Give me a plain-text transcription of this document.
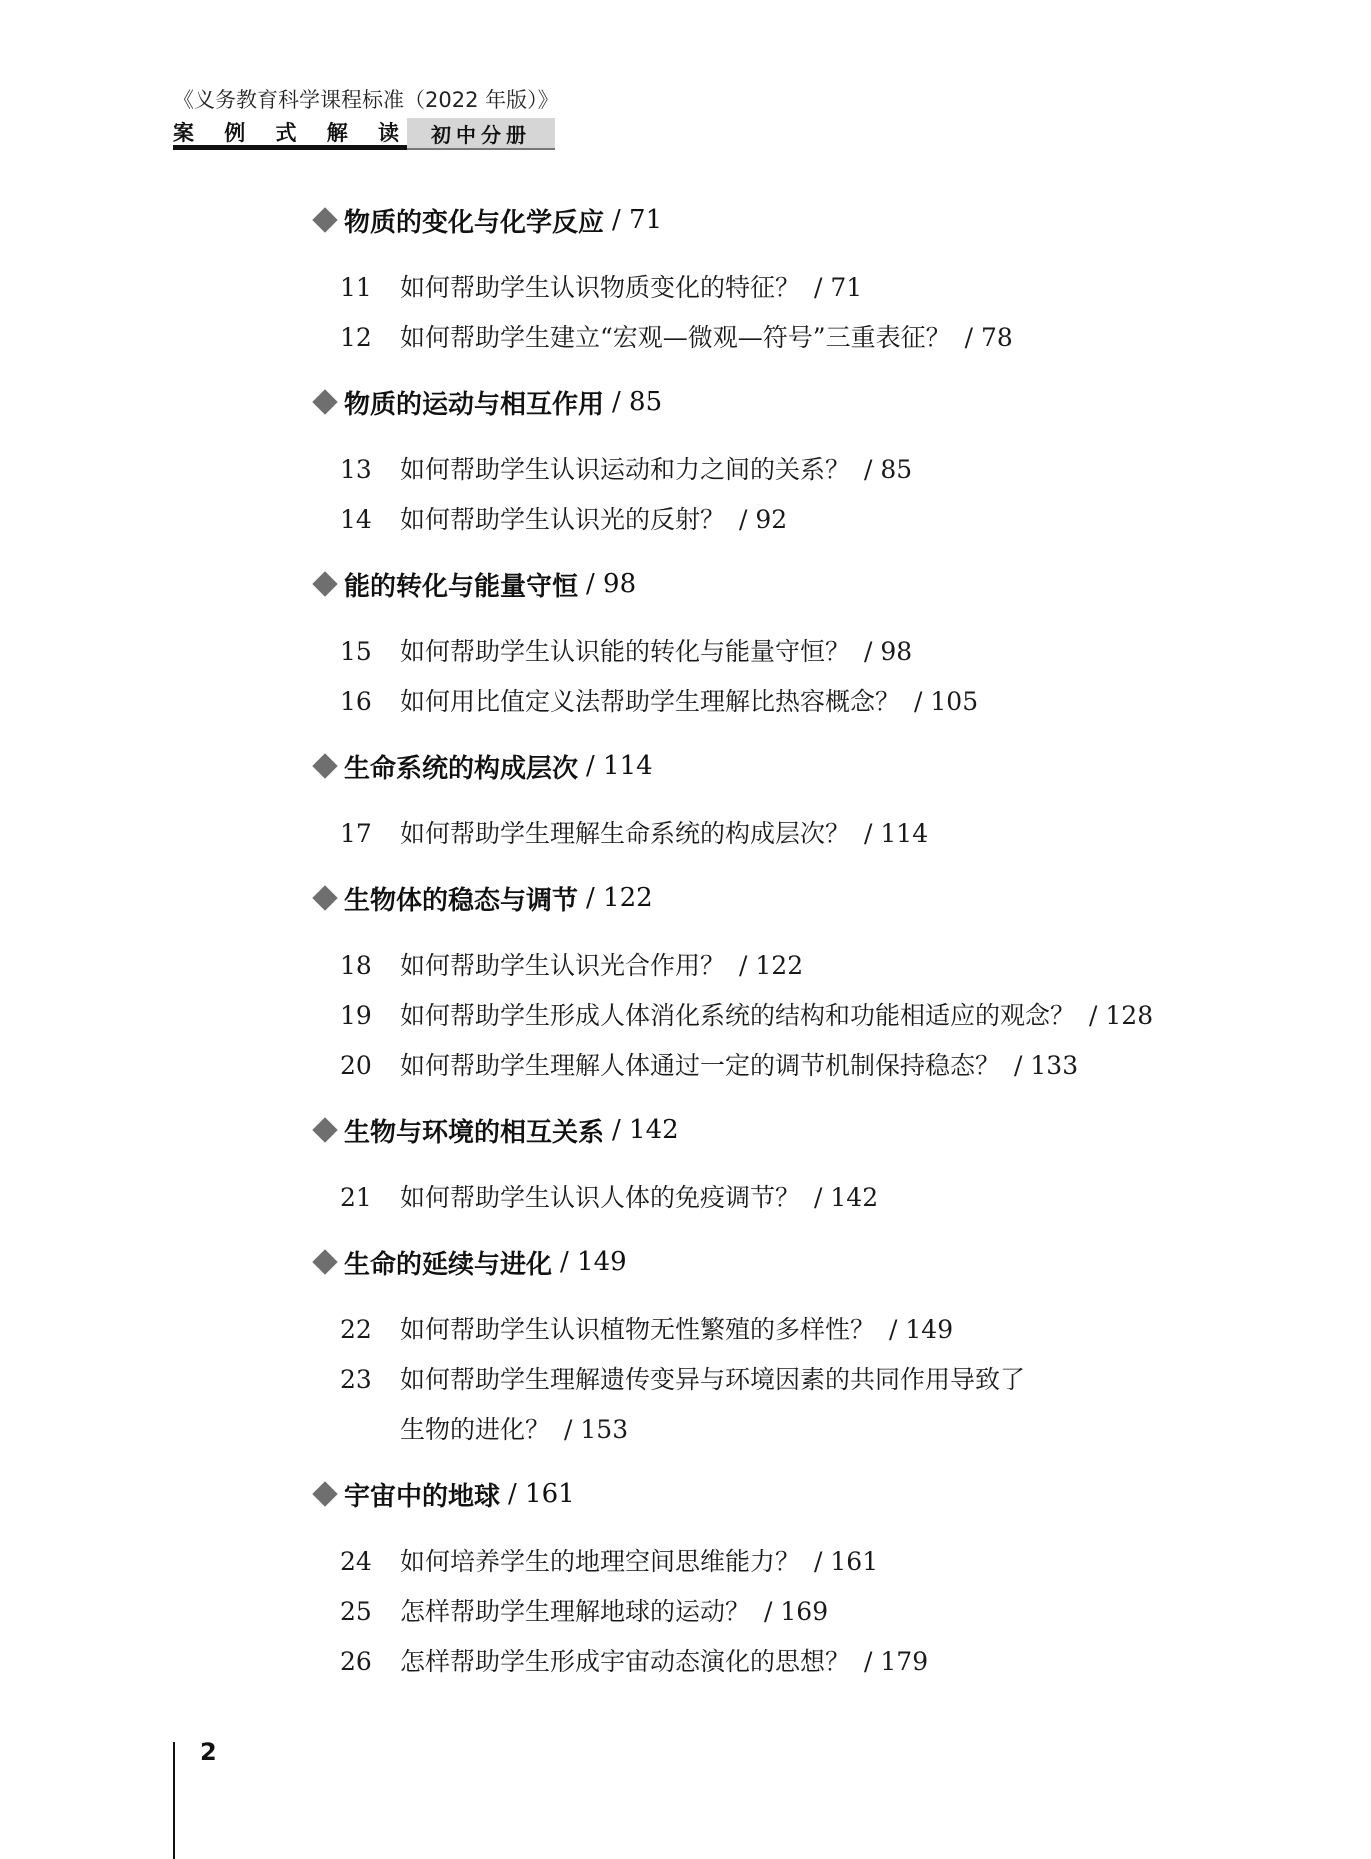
《义务教育科学课程标准（2022 年版）》
案 例 式 解 读	初中分册
物质的变化与化学反应 / 71
11	如何帮助学生认识物质变化的特征？ / 71
12	如何帮助学生建立“宏观—微观—符号”三重表征？ / 78
物质的运动与相互作用 / 85
13	如何帮助学生认识运动和力之间的关系？ / 85
14	如何帮助学生认识光的反射？ / 92
能的转化与能量守恒 / 98
15	如何帮助学生认识能的转化与能量守恒？ / 98
16	如何用比值定义法帮助学生理解比热容概念？ / 105
生命系统的构成层次 / 114
17	如何帮助学生理解生命系统的构成层次？ / 114
生物体的稳态与调节 / 122
18	如何帮助学生认识光合作用？ / 122
19	如何帮助学生形成人体消化系统的结构和功能相适应的观念？ / 128
20	如何帮助学生理解人体通过一定的调节机制保持稳态？ / 133
生物与环境的相互关系 / 142
21	如何帮助学生认识人体的免疫调节？ / 142
生命的延续与进化 / 149
22	如何帮助学生认识植物无性繁殖的多样性？ / 149
23	如何帮助学生理解遗传变异与环境因素的共同作用导致了
生物的进化？ / 153
宇宙中的地球 / 161
24	如何培养学生的地理空间思维能力？ / 161
25	怎样帮助学生理解地球的运动？ / 169
26	怎样帮助学生形成宇宙动态演化的思想？ / 179
2
